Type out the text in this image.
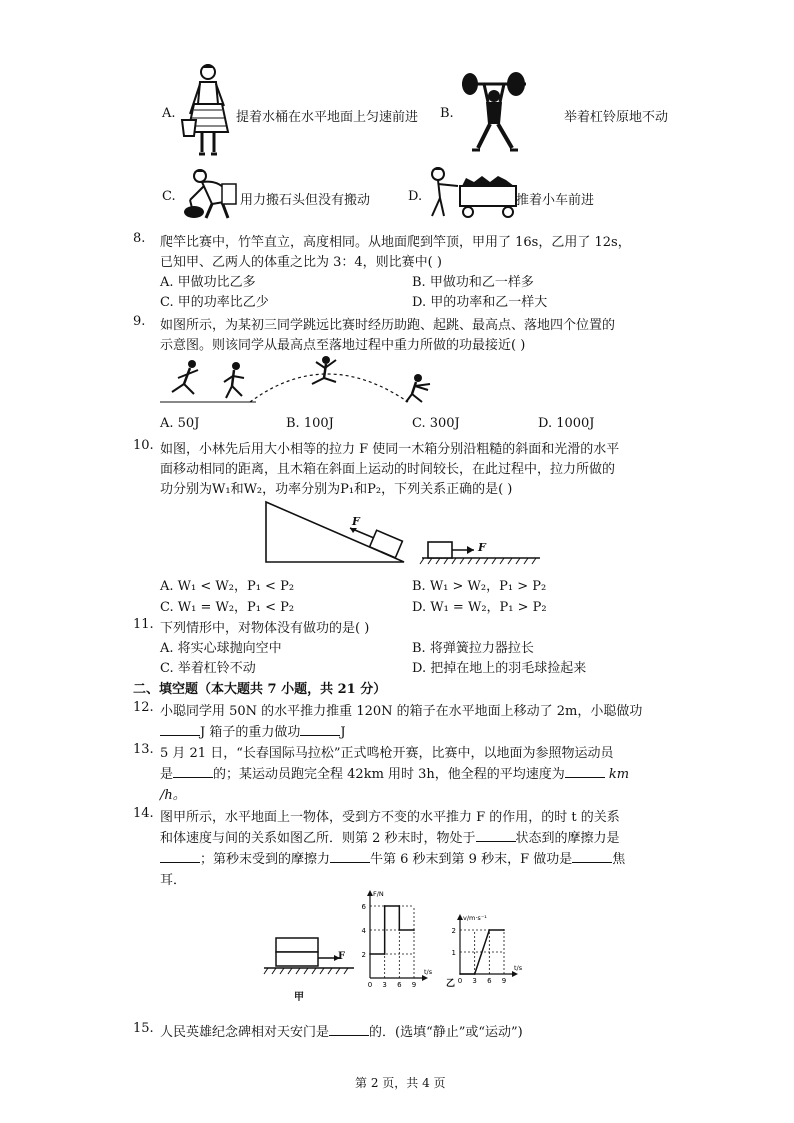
A.	提着水桶在水平地面上匀速前进 B.	举着杠铃原地不动
C.	用力搬石头但没有搬动	D.	推着小车前进
8. 爬竿比赛中，竹竿直立，高度相同。从地面爬到竿顶，甲用了 16s，乙用了 12s，
已知甲、乙两人的体重之比为 3：4，则比赛中( )
A. 甲做功比乙多	B. 甲做功和乙一样多
C. 甲的功率比乙少	D. 甲的功率和乙一样大
9. 如图所示，为某初三同学跳远比赛时经历助跑、起跳、最高点、落地四个位置的
示意图。则该同学从最高点至落地过程中重力所做的功最接近( )
A. 50J	B. 100J	C. 300J	D. 1000J
10. 如图，小林先后用大小相等的拉力 F 使同一木箱分别沿粗糙的斜面和光滑的水平
面移动相同的距离，且木箱在斜面上运动的时间较长，在此过程中，拉力所做的
功分别为W₁和W₂，功率分别为P₁和P₂，下列关系正确的是( )
F
F
A. W₁ < W₂，P₁ < P₂	B. W₁ > W₂，P₁ > P₂
C. W₁ = W₂，P₁ < P₂	D. W₁ = W₂，P₁ > P₂
11. 下列情形中，对物体没有做功的是( )
A. 将实心球抛向空中	B. 将弹簧拉力器拉长
C. 举着杠铃不动	D. 把掉在地上的羽毛球捡起来
二、填空题（本大题共 7 小题，共 21 分）
12. 小聪同学用 50N 的水平推力推重 120N 的箱子在水平地面上移动了 2m，小聪做功
J 箱子的重力做功	J
13. 5 月 21 日，“长春国际马拉松”正式鸣枪开赛，比赛中，以地面为参照物运动员
是	的；某运动员跑完全程 42km 用时 3h，他全程的平均速度为	km
/h。
14. 图甲所示，水平地面上一物体，受到方不变的水平推力 F 的作用，的时 t 的关系
和体速度与间的关系如图乙所．则第 2 秒末时，物处于	状态到的摩擦力是
；第秒末受到的摩擦力	牛第 6 秒末到第 9 秒末，F 做功是	焦
耳．
F
甲
6
4
2
0 3 6 9
F/N
t/s
2
1
0 3 6 9
v/m·s⁻¹
t/s
乙
15. 人民英雄纪念碑相对天安门是	的．(选填“静止”或“运动”)
第 2 页，共 4 页
